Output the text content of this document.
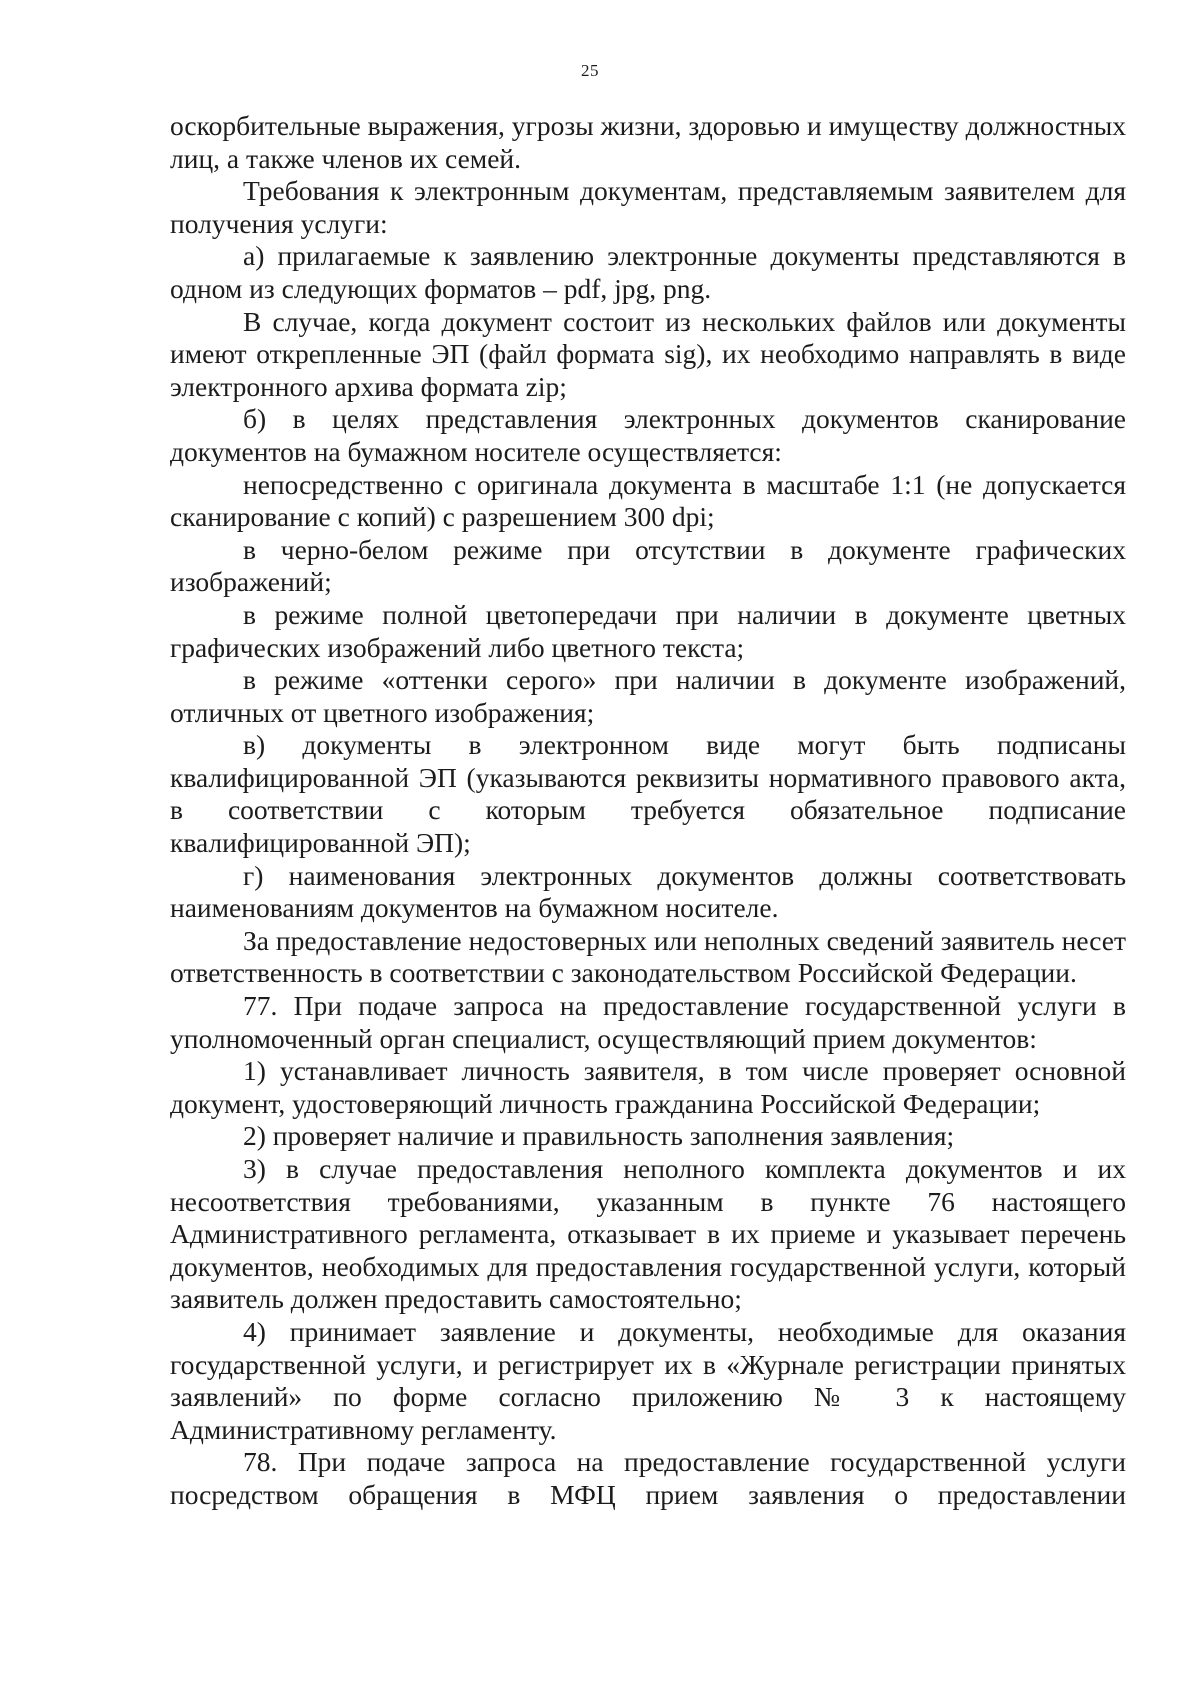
25

оскорбительные выражения, угрозы жизни, здоровью и имуществу должностных лиц, а также членов их семей.

Требования к электронным документам, представляемым заявителем для получения услуги:

а) прилагаемые к заявлению электронные документы представляются в одном из следующих форматов – pdf, jpg, png.

В случае, когда документ состоит из нескольких файлов или документы имеют открепленные ЭП (файл формата sig), их необходимо направлять в виде электронного архива формата zip;

б) в целях представления электронных документов сканирование документов на бумажном носителе осуществляется:

непосредственно с оригинала документа в масштабе 1:1 (не допускается сканирование с копий) с разрешением 300 dpi;

в черно-белом режиме при отсутствии в документе графических изображений;

в режиме полной цветопередачи при наличии в документе цветных графических изображений либо цветного текста;

в режиме «оттенки серого» при наличии в документе изображений, отличных от цветного изображения;

в) документы в электронном виде могут быть подписаны квалифицированной ЭП (указываются реквизиты нормативного правового акта, в соответствии с которым требуется обязательное подписание квалифицированной ЭП);

г) наименования электронных документов должны соответствовать наименованиям документов на бумажном носителе.

За предоставление недостоверных или неполных сведений заявитель несет ответственность в соответствии с законодательством Российской Федерации.

77. При подаче запроса на предоставление государственной услуги в уполномоченный орган специалист, осуществляющий прием документов:

1) устанавливает личность заявителя, в том числе проверяет основной документ, удостоверяющий личность гражданина Российской Федерации;

2) проверяет наличие и правильность заполнения заявления;

3) в случае предоставления неполного комплекта документов и их несоответствия требованиями, указанным в пункте 76 настоящего Административного регламента, отказывает в их приеме и указывает перечень документов, необходимых для предоставления государственной услуги, который заявитель должен предоставить самостоятельно;

4) принимает заявление и документы, необходимые для оказания государственной услуги, и регистрирует их в «Журнале регистрации принятых заявлений» по форме согласно приложению № 3 к настоящему Административному регламенту.

78. При подаче запроса на предоставление государственной услуги посредством обращения в МФЦ прием заявления о предоставлении
